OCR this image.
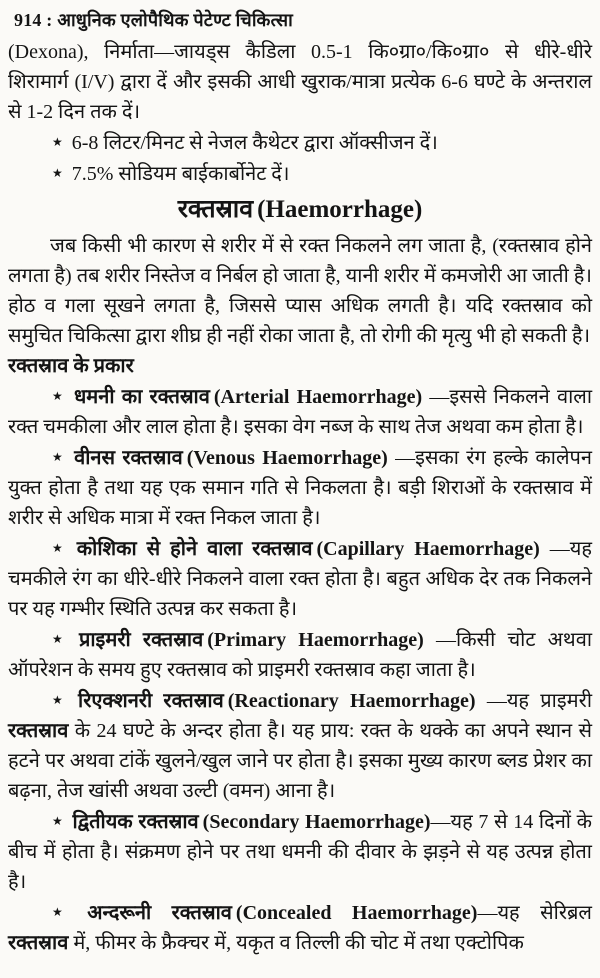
914 : आधुनिक एलोपैथिक पेटेण्ट चिकित्सा

(Dexona), निर्माता—जायड्स कैडिला 0.5-1 कि०ग्रा०/कि०ग्रा० से धीरे-धीरे शिरामार्ग (I/V) द्वारा दें और इसकी आधी खुराक/मात्रा प्रत्येक 6-6 घण्टे के अन्तराल से 1-2 दिन तक दें।

★ 6-8 लिटर/मिनट से नेजल कैथेटर द्वारा ऑक्सीजन दें।

★ 7.5% सोडियम बाईकार्बोनेट दें।

रक्तस्राव (Haemorrhage)

जब किसी भी कारण से शरीर में से रक्त निकलने लग जाता है, (रक्तस्राव होने लगता है) तब शरीर निस्तेज व निर्बल हो जाता है, यानी शरीर में कमजोरी आ जाती है। होठ व गला सूखने लगता है, जिससे प्यास अधिक लगती है। यदि रक्तस्राव को समुचित चिकित्सा द्वारा शीघ्र ही नहीं रोका जाता है, तो रोगी की मृत्यु भी हो सकती है।

रक्तस्राव के प्रकार

★ धमनी का रक्तस्राव (Arterial Haemorrhage) —इससे निकलने वाला रक्त चमकीला और लाल होता है। इसका वेग नब्ज के साथ तेज अथवा कम होता है।

★ वीनस रक्तस्राव (Venous Haemorrhage) —इसका रंग हल्के कालेपन युक्त होता है तथा यह एक समान गति से निकलता है। बड़ी शिराओं के रक्तस्राव में शरीर से अधिक मात्रा में रक्त निकल जाता है।

★ कोशिका से होने वाला रक्तस्राव (Capillary Haemorrhage) —यह चमकीले रंग का धीरे-धीरे निकलने वाला रक्त होता है। बहुत अधिक देर तक निकलने पर यह गम्भीर स्थिति उत्पन्न कर सकता है।

★ प्राइमरी रक्तस्राव (Primary Haemorrhage) —किसी चोट अथवा ऑपरेशन के समय हुए रक्तस्राव को प्राइमरी रक्तस्राव कहा जाता है।

★ रिएक्शनरी रक्तस्राव (Reactionary Haemorrhage) —यह प्राइमरी रक्तस्राव के 24 घण्टे के अन्दर होता है। यह प्राय: रक्त के थक्के का अपने स्थान से हटने पर अथवा टांकें खुलने/खुल जाने पर होता है। इसका मुख्य कारण ब्लड प्रेशर का बढ़ना, तेज खांसी अथवा उल्टी (वमन) आना है।

★ द्वितीयक रक्तस्राव (Secondary Haemorrhage)—यह 7 से 14 दिनों के बीच में होता है। संक्रमण होने पर तथा धमनी की दीवार के झड़ने से यह उत्पन्न होता है।

★ अन्दरूनी रक्तस्राव (Concealed Haemorrhage)—यह सेरिब्रल रक्तस्राव में, फीमर के फ्रैक्चर में, यकृत व तिल्ली की चोट में तथा एक्टोपिक
